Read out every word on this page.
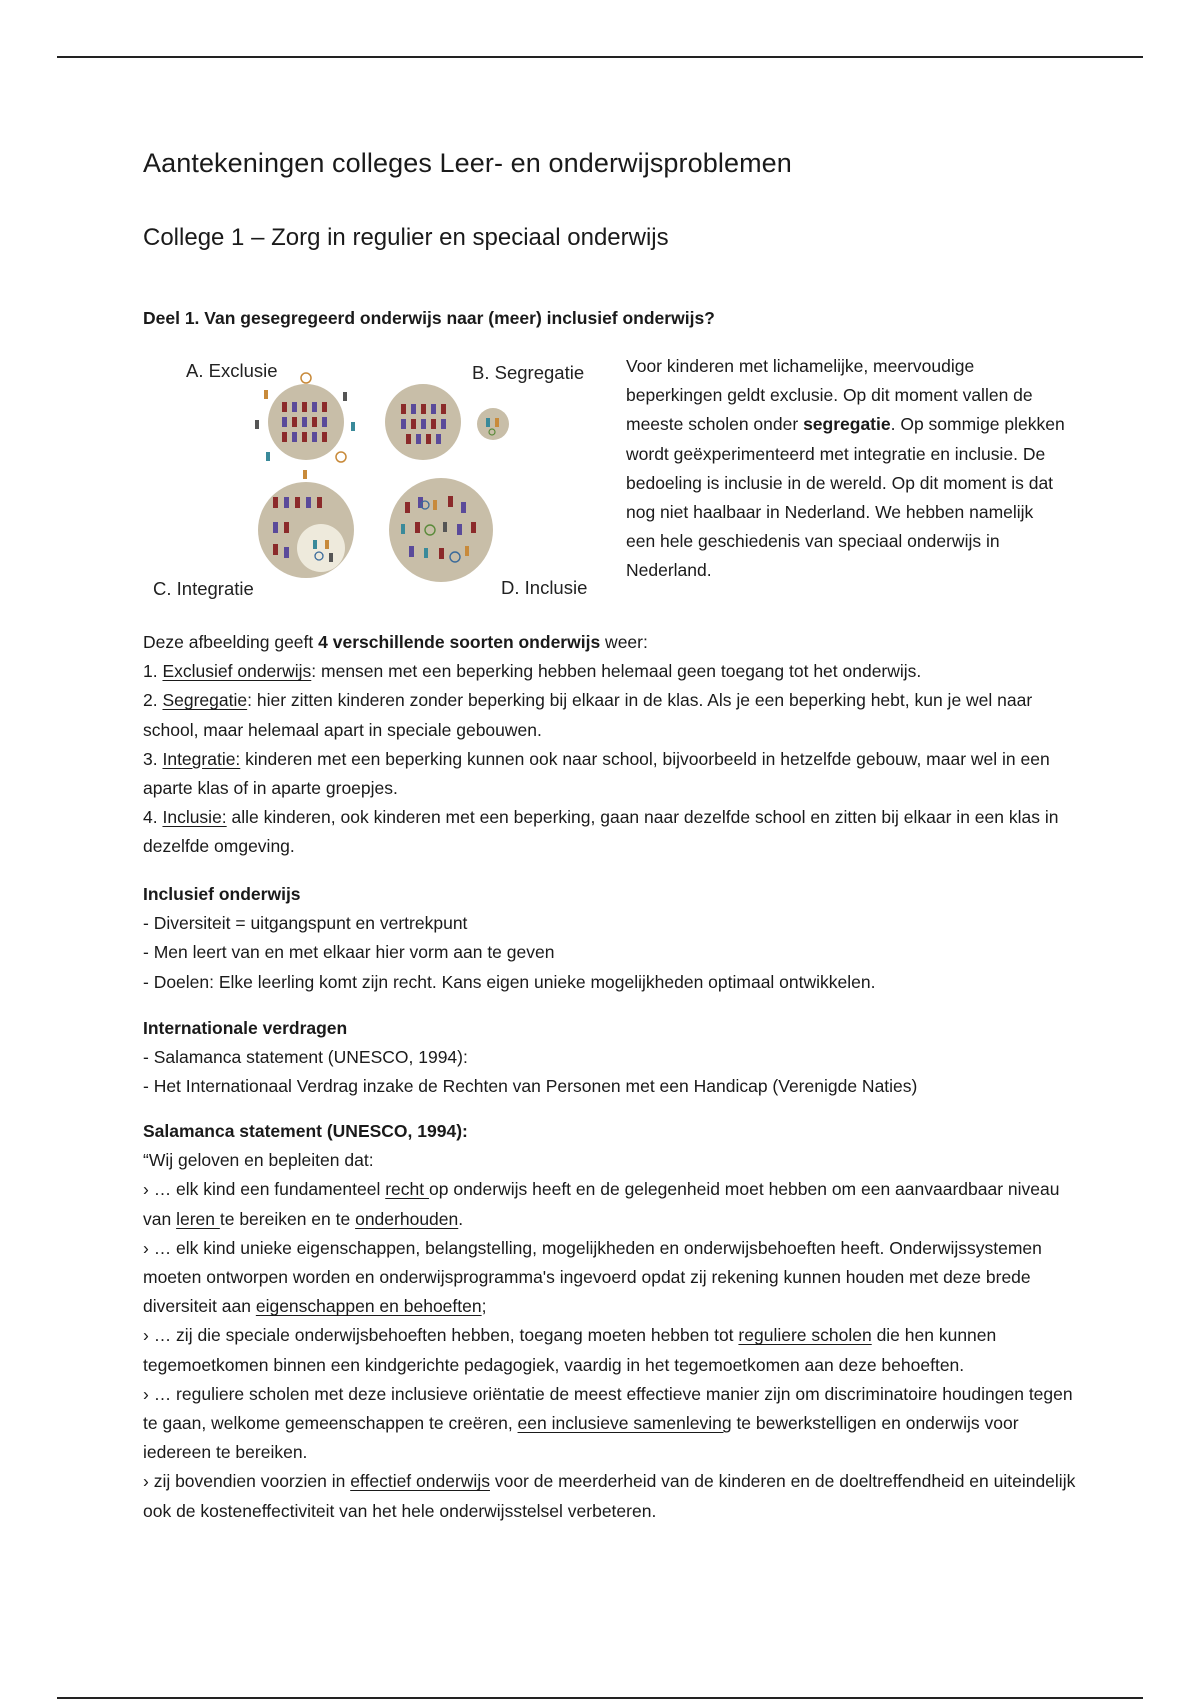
Aantekeningen colleges Leer- en onderwijsproblemen
College 1 – Zorg in regulier en speciaal onderwijs

Deel 1. Van gesegregeerd onderwijs naar (meer) inclusief onderwijs?

A. Exclusie	B. Segregatie
C. Integratie	D. Inclusie
Voor kinderen met lichamelijke, meervoudige beperkingen geldt exclusie. Op dit moment vallen de meeste scholen onder segregatie. Op sommige plekken wordt geëxperimenteerd met integratie en inclusie. De bedoeling is inclusie in de wereld. Op dit moment is dat nog niet haalbaar in Nederland. We hebben namelijk een hele geschiedenis van speciaal onderwijs in Nederland.

Deze afbeelding geeft 4 verschillende soorten onderwijs weer:

1. Exclusief onderwijs: mensen met een beperking hebben helemaal geen toegang tot het onderwijs.

2. Segregatie: hier zitten kinderen zonder beperking bij elkaar in de klas. Als je een beperking hebt, kun je wel naar school, maar helemaal apart in speciale gebouwen.

3. Integratie: kinderen met een beperking kunnen ook naar school, bijvoorbeeld in hetzelfde gebouw, maar wel in een aparte klas of in aparte groepjes.

4. Inclusie: alle kinderen, ook kinderen met een beperking, gaan naar dezelfde school en zitten bij elkaar in een klas in dezelfde omgeving.

Inclusief onderwijs

- Diversiteit = uitgangspunt en vertrekpunt

- Men leert van en met elkaar hier vorm aan te geven

- Doelen: Elke leerling komt zijn recht. Kans eigen unieke mogelijkheden optimaal ontwikkelen.

Internationale verdragen

- Salamanca statement (UNESCO, 1994):

- Het Internationaal Verdrag inzake de Rechten van Personen met een Handicap (Verenigde Naties)

Salamanca statement (UNESCO, 1994):

“Wij geloven en bepleiten dat:

› … elk kind een fundamenteel recht op onderwijs heeft en de gelegenheid moet hebben om een aanvaardbaar niveau van leren te bereiken en te onderhouden.

› … elk kind unieke eigenschappen, belangstelling, mogelijkheden en onderwijsbehoeften heeft. Onderwijssystemen moeten ontworpen worden en onderwijsprogramma's ingevoerd opdat zij rekening kunnen houden met deze brede diversiteit aan eigenschappen en behoeften;

› … zij die speciale onderwijsbehoeften hebben, toegang moeten hebben tot reguliere scholen die hen kunnen tegemoetkomen binnen een kindgerichte pedagogiek, vaardig in het tegemoetkomen aan deze behoeften.

› … reguliere scholen met deze inclusieve oriëntatie de meest effectieve manier zijn om discriminatoire houdingen tegen te gaan, welkome gemeenschappen te creëren, een inclusieve samenleving te bewerkstelligen en onderwijs voor iedereen te bereiken.

› zij bovendien voorzien in effectief onderwijs voor de meerderheid van de kinderen en de doeltreffendheid en uiteindelijk ook de kosteneffectiviteit van het hele onderwijsstelsel verbeteren.
